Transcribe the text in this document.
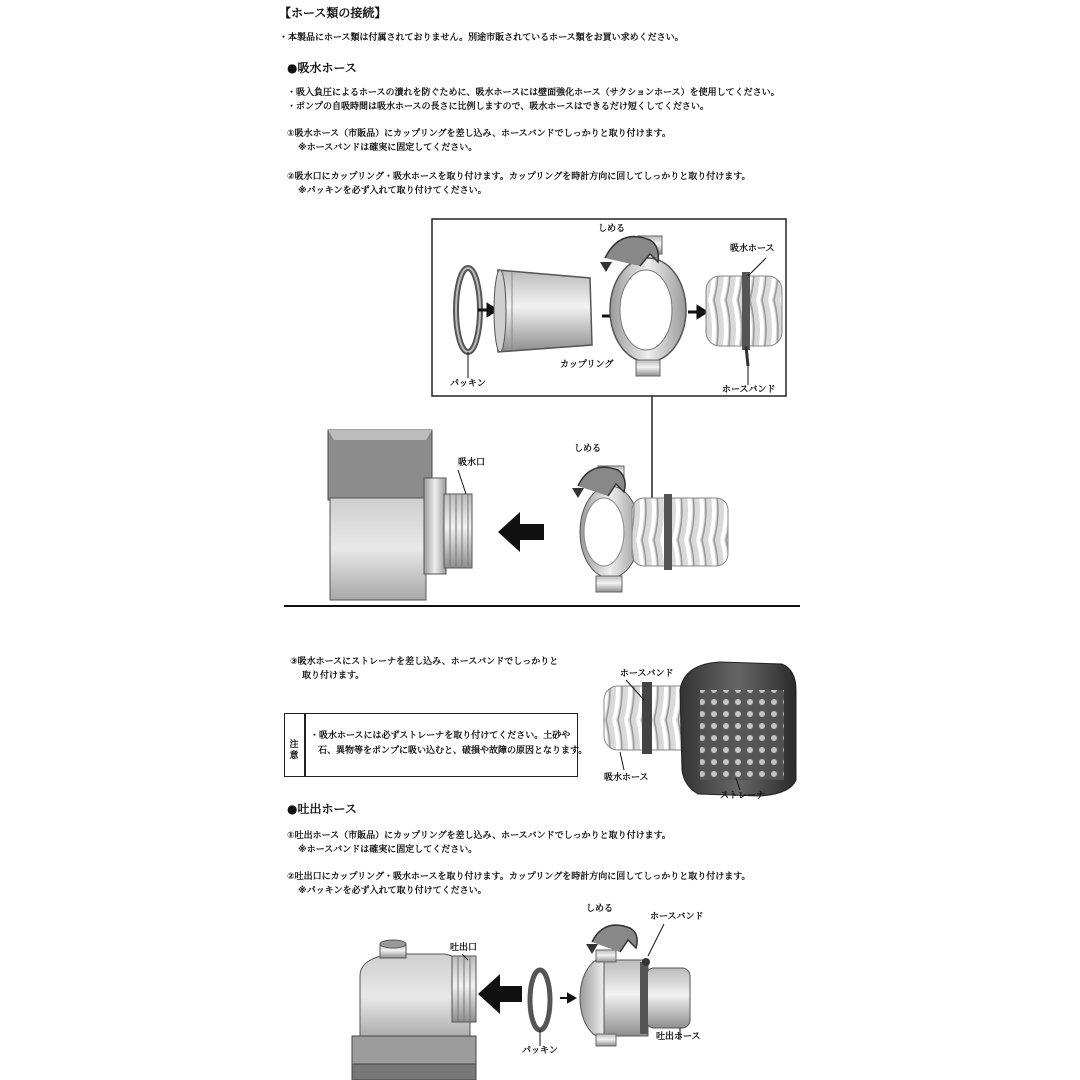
【ホース類の接続】
・本製品にホース類は付属されておりません。別途市販されているホース類をお買い求めください。
●吸水ホース
・吸入負圧によるホースの潰れを防ぐために、吸水ホースには壁面強化ホース（サクションホース）を使用してください。
・ポンプの自吸時間は吸水ホースの長さに比例しますので、吸水ホースはできるだけ短くしてください。
①吸水ホース（市販品）にカップリングを差し込み、ホースバンドでしっかりと取り付けます。
※ホースバンドは確実に固定してください。
②吸水口にカップリング・吸水ホースを取り付けます。カップリングを時計方向に回してしっかりと取り付けます。
※パッキンを必ず入れて取り付けてください。
しめる
吸水ホース
パッキン
カップリング
ホースバンド
吸水口
しめる
③吸水ホースにストレーナを差し込み、ホースバンドでしっかりと
取り付けます。	ホースバンド
吸水ホース
ストレーナ
注意
・吸水ホースには必ずストレーナを取り付けてください。土砂や
石、異物等をポンプに吸い込むと、破損や故障の原因となります。
●吐出ホース
①吐出ホース（市販品）にカップリングを差し込み、ホースバンドでしっかりと取り付けます。
※ホースバンドは確実に固定してください。
②吐出口にカップリング・吸水ホースを取り付けます。カップリングを時計方向に回してしっかりと取り付けます。
※パッキンを必ず入れて取り付けてください。
しめる
ホースバンド
吐出口
パッキン
吐出ホース
